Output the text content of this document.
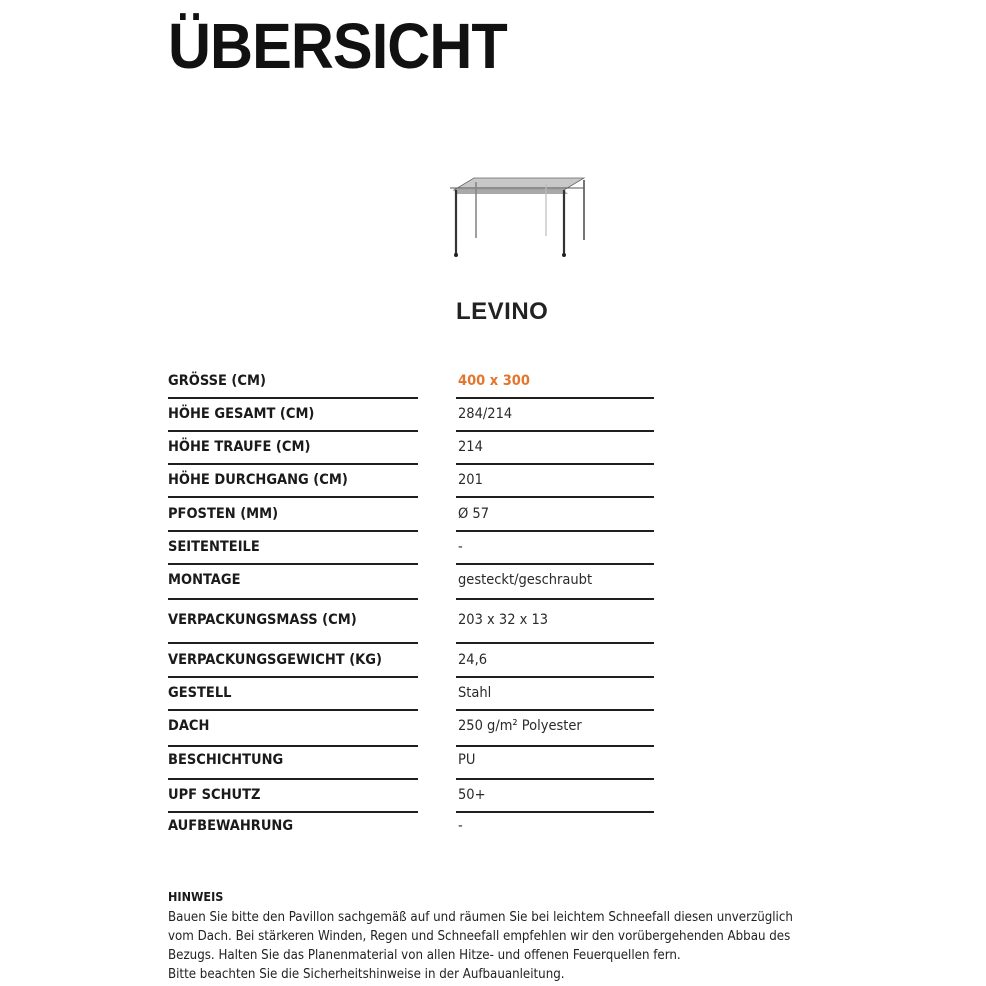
ÜBERSICHT
LEVINO
GRÖSSE (CM)	400 x 300
HÖHE GESAMT (CM)	284/214
HÖHE TRAUFE (CM)	214
HÖHE DURCHGANG (CM)	201
PFOSTEN (MM)	Ø 57
SEITENTEILE	-
MONTAGE	gesteckt/geschraubt
VERPACKUNGSMASS (CM)	203 x 32 x 13
VERPACKUNGSGEWICHT (KG)	24,6
GESTELL	Stahl
DACH	250 g/m² Polyester
BESCHICHTUNG	PU
UPF SCHUTZ	50+
AUFBEWAHRUNG	-
HINWEIS
Bauen Sie bitte den Pavillon sachgemäß auf und räumen Sie bei leichtem Schneefall diesen unverzüglich
vom Dach. Bei stärkeren Winden, Regen und Schneefall empfehlen wir den vorübergehenden Abbau des
Bezugs. Halten Sie das Planenmaterial von allen Hitze- und offenen Feuerquellen fern.
Bitte beachten Sie die Sicherheitshinweise in der Aufbauanleitung.
